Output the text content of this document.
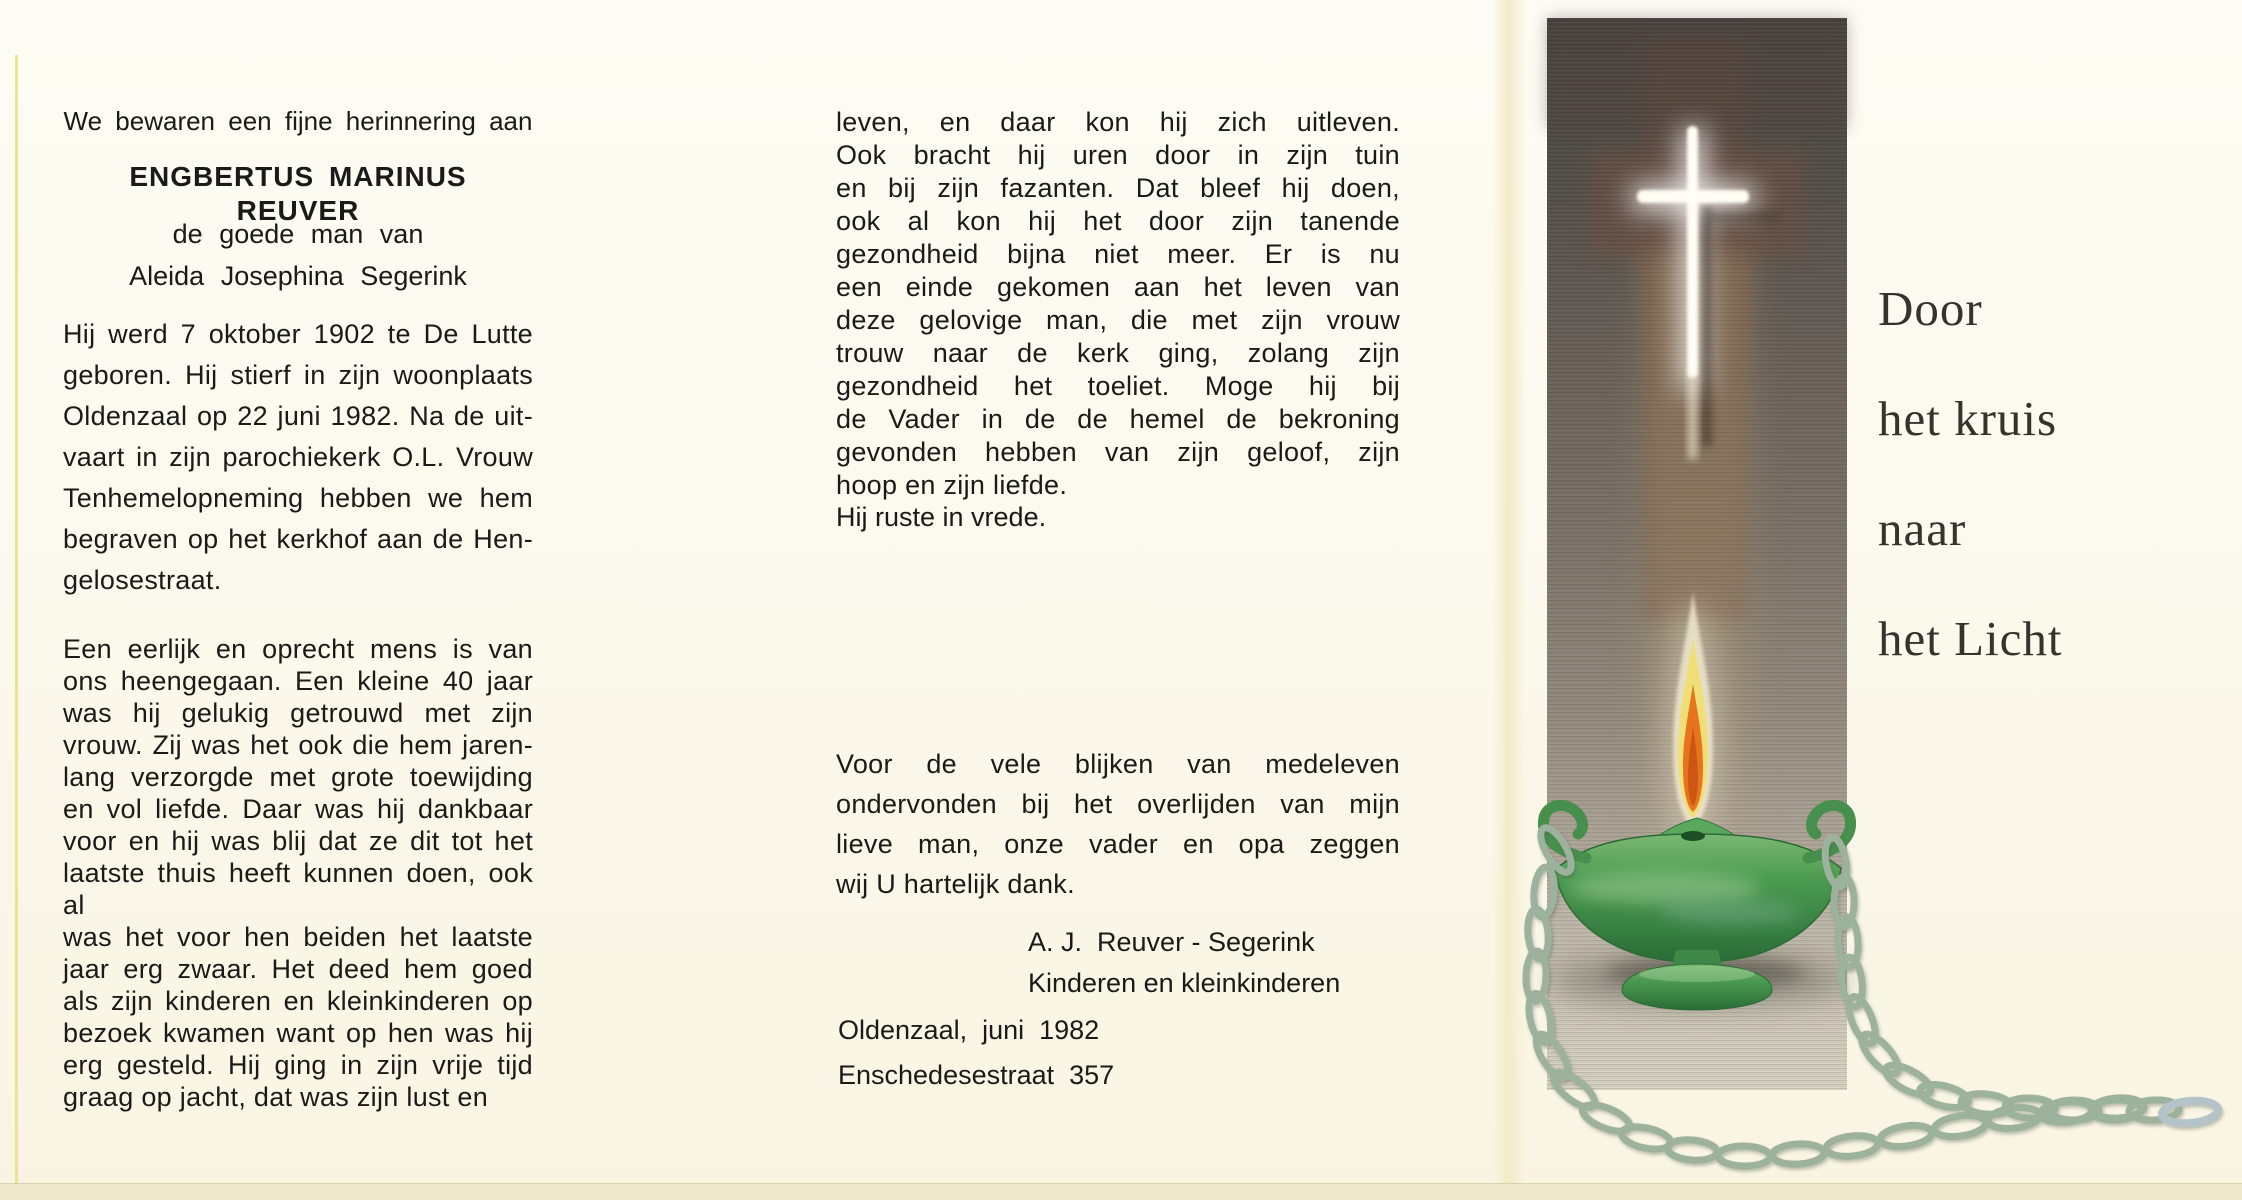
We bewaren een fijne herinnering aan
ENGBERTUS MARINUS REUVER
de goede man van
Aleida Josephina Segerink
Hij werd 7 oktober 1902 te De Lutte
geboren. Hij stierf in zijn woonplaats
Oldenzaal op 22 juni 1982. Na de uit-
vaart in zijn parochiekerk O.L. Vrouw
Tenhemelopneming hebben we hem
begraven op het kerkhof aan de Hen-
gelosestraat.
Een eerlijk en oprecht mens is van
ons heengegaan. Een kleine 40 jaar
was hij gelukig getrouwd met zijn
vrouw. Zij was het ook die hem jaren-
lang verzorgde met grote toewijding
en vol liefde. Daar was hij dankbaar
voor en hij was blij dat ze dit tot het
laatste thuis heeft kunnen doen, ook al
was het voor hen beiden het laatste
jaar erg zwaar. Het deed hem goed
als zijn kinderen en kleinkinderen op
bezoek kwamen want op hen was hij
erg gesteld. Hij ging in zijn vrije tijd
graag op jacht, dat was zijn lust en
leven, en daar kon hij zich uitleven.
Ook bracht hij uren door in zijn tuin
en bij zijn fazanten. Dat bleef hij doen,
ook al kon hij het door zijn tanende
gezondheid bijna niet meer. Er is nu
een einde gekomen aan het leven van
deze gelovige man, die met zijn vrouw
trouw naar de kerk ging, zolang zijn
gezondheid het toeliet. Moge hij bij
de Vader in de de hemel de bekroning
gevonden hebben van zijn geloof, zijn
hoop en zijn liefde.
Hij ruste in vrede.
Voor de vele blijken van medeleven
ondervonden bij het overlijden van mijn
lieve man, onze vader en opa zeggen
wij U hartelijk dank.
A. J.  Reuver - Segerink
Kinderen en kleinkinderen
Oldenzaal,  juni  1982
Enschedesestraat  357
Door
het kruis
naar
het Licht
